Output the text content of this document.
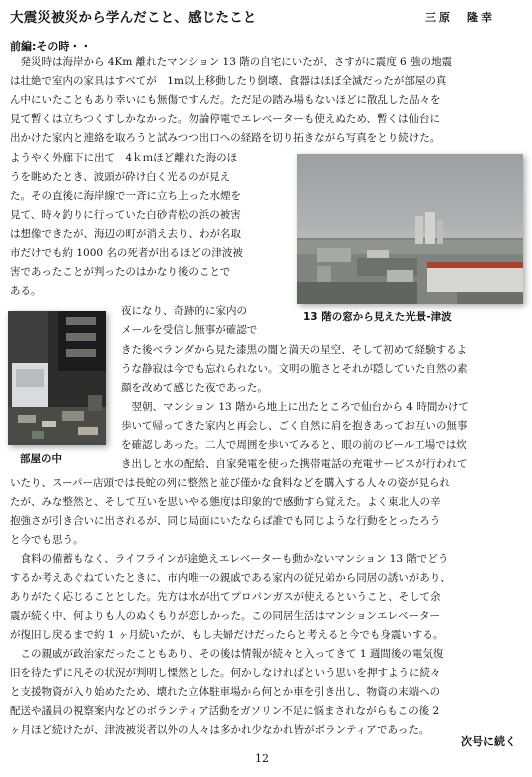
大震災被災から学んだこと、感じたこと	三原　隆幸
前編:その時・・
　発災時は海岸から 4Km 離れたマンション 13 階の自宅にいたが、さすがに震度 6 強の地震
は壮絶で室内の家具はすべてが　1m以上移動したり倒壊、食器はほぼ全滅だったが部屋の真
ん中にいたこともあり幸いにも無傷ですんだ。ただ足の踏み場もないほどに散乱した品々を
見て暫くは立ちつくすしかなかった。勿論停電でエレベーターも使えぬため、暫くは仙台に
出かけた家内と連絡を取ろうと試みつつ出口への経路を切り拓きながら写真をとり続けた。
ようやく外廊下に出て　4ｋｍほど離れた海のほ
うを眺めたとき、波頭が砕け白く光るのが見え
た。その直後に海岸線で一斉に立ち上った水煙を
見て、時々釣りに行っていた白砂青松の浜の被害
は想像できたが、海辺の町が消え去り、わが名取
市だけでも約 1000 名の死者が出るほどの津波被
害であったことが判ったのはかなり後のことで
ある。
13 階の窓から見えた光景-津波
部屋の中
夜になり、奇跡的に家内の
メールを受信し無事が確認で
きた後ベランダから見た漆黒の闇と満天の星空、そして初めて経験するよ
うな静寂は今でも忘れられない。文明の脆さとそれが隠していた自然の素
顔を改めて感じた夜であった。
　翌朝、マンション 13 階から地上に出たところで仙台から 4 時間かけて
歩いて帰ってきた家内と再会し、ごく自然に肩を抱きあってお互いの無事
を確認しあった。二人で周囲を歩いてみると、眼の前のビール工場では炊
き出しと水の配給、自家発電を使った携帯電話の充電サービスが行われて
いたり、スーパー店頭では長蛇の列に整然と並び僅かな食料などを購入する人々の姿が見られ
たが、みな整然と、そして互いを思いやる態度は印象的で感動すら覚えた。よく東北人の辛
抱強さが引き合いに出されるが、同じ局面にいたならば誰でも同じような行動をとったろう
と今でも思う。
　食料の備蓄もなく、ライフラインが途絶えエレベーターも動かないマンション 13 階でどう
するか考えあぐねていたときに、市内唯一の親戚である家内の従兄弟から同居の誘いがあり、
ありがたく応じることとした。先方は水が出てプロパンガスが使えるということ、そして余
震が続く中、何よりも人のぬくもりが恋しかった。この同居生活はマンションエレベーター
が復旧し戻るまで約 1 ヶ月続いたが、もし夫婦だけだったらと考えると今でも身震いする。
　この親戚が政治家だったこともあり、その後は情報が続々と入ってきて 1 週間後の電気復
旧を待たずに凡その状況が判明し慄然とした。何かしなければという思いを押すように続々
と支援物資が入り始めたため、壊れた立体駐車場から何とか車を引き出し、物資の末端への
配送や議員の視察案内などのボランティア活動をガソリン不足に悩まされながらもこの後 2
ヶ月ほど続けたが、津波被災者以外の人々は多かれ少なかれ皆がボランティアであった。
次号に続く
12
